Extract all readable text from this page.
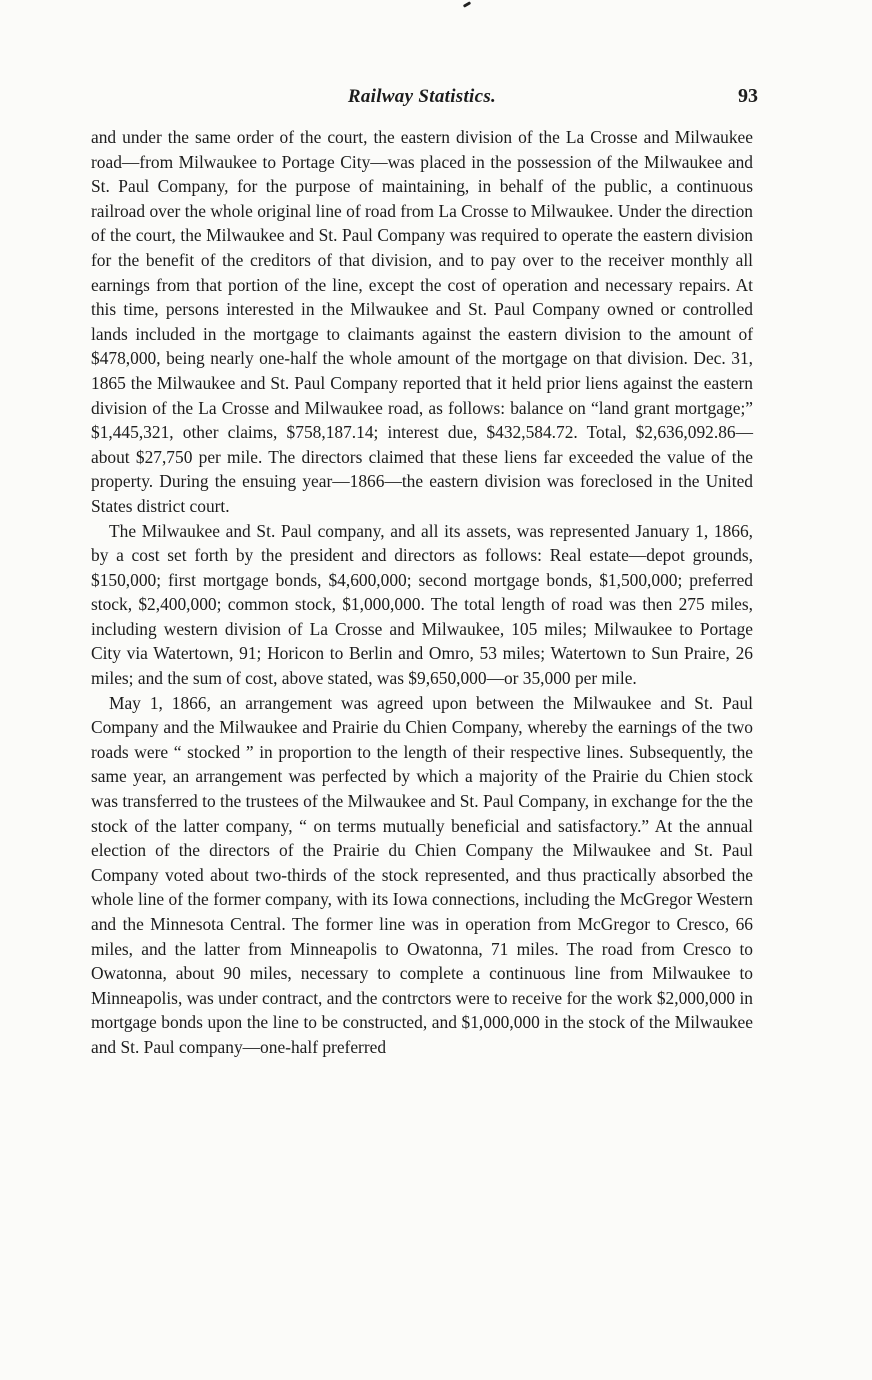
Railway Statistics.	93

and under the same order of the court, the eastern division of the La Crosse and Milwaukee road—from Milwaukee to Portage City—was placed in the possession of the Milwaukee and St. Paul Company, for the purpose of maintaining, in behalf of the public, a continuous railroad over the whole original line of road from La Crosse to Milwaukee. Under the direction of the court, the Milwaukee and St. Paul Company was required to operate the eastern division for the benefit of the creditors of that division, and to pay over to the receiver monthly all earnings from that portion of the line, except the cost of operation and necessary repairs. At this time, persons interested in the Milwaukee and St. Paul Company owned or controlled lands included in the mortgage to claimants against the eastern division to the amount of $478,000, being nearly one-half the whole amount of the mortgage on that division. Dec. 31, 1865 the Milwaukee and St. Paul Company reported that it held prior liens against the eastern division of the La Crosse and Milwaukee road, as follows: balance on “land grant mortgage;” $1,445,321, other claims, $758,187.14; interest due, $432,584.72. Total, $2,636,092.86—about $27,750 per mile. The directors claimed that these liens far exceeded the value of the property. During the ensuing year—1866—the eastern division was foreclosed in the United States district court.

The Milwaukee and St. Paul company, and all its assets, was represented January 1, 1866, by a cost set forth by the president and directors as follows: Real estate—depot grounds, $150,000; first mortgage bonds, $4,600,000; second mortgage bonds, $1,500,000; preferred stock, $2,400,000; common stock, $1,000,000. The total length of road was then 275 miles, including western division of La Crosse and Milwaukee, 105 miles; Milwaukee to Portage City via Watertown, 91; Horicon to Berlin and Omro, 53 miles; Watertown to Sun Praire, 26 miles; and the sum of cost, above stated, was $9,650,000—or 35,000 per mile.

May 1, 1866, an arrangement was agreed upon between the Milwaukee and St. Paul Company and the Milwaukee and Prairie du Chien Company, whereby the earnings of the two roads were “ stocked ” in proportion to the length of their respective lines. Subsequently, the same year, an arrangement was perfected by which a majority of the Prairie du Chien stock was transferred to the trustees of the Milwaukee and St. Paul Company, in exchange for the the stock of the latter company, “ on terms mutually beneficial and satisfactory.” At the annual election of the directors of the Prairie du Chien Company the Milwaukee and St. Paul Company voted about two-thirds of the stock represented, and thus practically absorbed the whole line of the former company, with its Iowa connections, including the McGregor Western and the Minnesota Central. The former line was in operation from McGregor to Cresco, 66 miles, and the latter from Minneapolis to Owatonna, 71 miles. The road from Cresco to Owatonna, about 90 miles, necessary to complete a continuous line from Milwaukee to Minneapolis, was under contract, and the contrctors were to receive for the work $2,000,000 in mortgage bonds upon the line to be constructed, and $1,000,000 in the stock of the Milwaukee and St. Paul company—one-half preferred
